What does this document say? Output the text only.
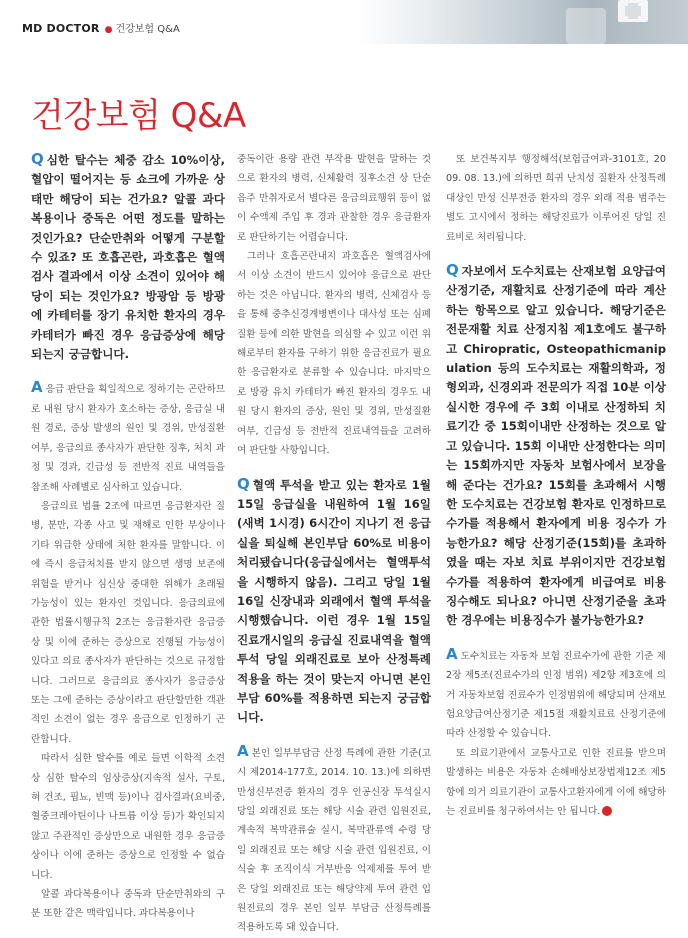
MD DOCTOR ● 건강보험 Q&A
건강보험 Q&A

Q 심한 탈수는 체중 감소 10%이상, 혈압이 떨어지는 등 쇼크에 가까운 상태만 해당이 되는 건가요? 알콜 과다복용이나 중독은 어떤 정도를 말하는 것인가요? 단순만취와 어떻게 구분할 수 있죠? 또 호흡곤란, 과호흡은 혈액 검사 결과에서 이상 소견이 있어야 해당이 되는 것인가요? 방광암 등 방광에 카테터를 장기 유치한 환자의 경우 카테터가 빠진 경우 응급증상에 해당되는지 궁금합니다.

A응급 판단을 획일적으로 정하기는 곤란하므로 내원 당시 환자가 호소하는 증상, 응급실 내원 경로, 증상 발생의 원인 및 경위, 만성질환 여부, 응급의료 종사자가 판단한 징후, 처치 과정 및 경과, 긴급성 등 전반적 진료 내역들을 참조해 사례별로 심사하고 있습니다.

응급의료 법률 2조에 따르면 응급환자란 질병, 분만, 각종 사고 및 재해로 인한 부상이나 기타 위급한 상태에 처한 환자를 말합니다. 이에 즉시 응급처치를 받지 않으면 생명 보존에 위험을 받거나 심신상 중대한 위해가 초래될 가능성이 있는 환자인 것입니다. 응급의료에 관한 법률시행규칙 2조는 응급환자란 응급증상 및 이에 준하는 증상으로 진행될 가능성이 있다고 의료 종사자가 판단하는 것으로 규정합니다. 그러므로 응급의료 종사자가 응급증상 또는 그에 준하는 증상이라고 판단할만한 객관적인 소견이 없는 경우 응급으로 인정하기 곤란합니다.

따라서 심한 탈수를 예로 들면 이학적 소견상 심한 탈수의 임상증상(지속적 설사, 구토, 혀 건조, 핍뇨, 빈맥 등)이나 검사결과(요비중, 혈중크레아틴이나 나트륨 이상 등)가 확인되지 않고 주관적인 증상만으로 내원한 경우 응급증상이나 이에 준하는 증상으로 인정할 수 없습니다.

알콜 과다복용이나 중독과 단순만취와의 구분 또한 같은 맥락입니다. 과다복용이나

중독이란 용량 관련 부작용 발현을 말하는 것으로 환자의 병력, 신체활력 징후소견 상 단순음주 만취자로서 별다른 응급의료행위 등이 없이 수액제 주입 후 경과 관찰한 경우 응급환자로 판단하기는 어렵습니다.

그러나 호흡곤란내지 과호흡은 혈액검사에서 이상 소견이 반드시 있어야 응급으로 판단하는 것은 아닙니다. 환자의 병력, 신체검사 등을 통해 중추신경계병변이나 대사성 또는 심폐질환 등에 의한 발현을 의심할 수 있고 이런 위해로부터 환자를 구하기 위한 응급진료가 필요한 응급환자로 분류할 수 있습니다. 마지막으로 방광 유치 카테터가 빠진 환자의 경우도 내원 당시 환자의 증상, 원인 및 경위, 만성질환 여부, 긴급성 등 전반적 진료내역들을 고려하여 판단할 사항입니다.

Q 혈액 투석을 받고 있는 환자로 1월 15일 응급실을 내원하여 1월 16일(새벽 1시경) 6시간이 지나기 전 응급실을 퇴실해 본인부담 60%로 비용이 처리됐습니다(응급실에서는 혈액투석을 시행하지 않음). 그리고 당일 1월 16일 신장내과 외래에서 혈액 투석을 시행했습니다. 이런 경우 1월 15일 진료개시일의 응급실 진료내역을 혈액투석 당일 외래진료로 보아 산정특례적용을 하는 것이 맞는지 아니면 본인부담 60%를 적용하면 되는지 궁금합니다.

A본인 일부부담금 산정 특례에 관한 기준(고시 제2014-177호, 2014. 10. 13.)에 의하면 만성신부전증 환자의 경우 인공신장 투석실시 당일 외래진료 또는 해당 시술 관련 입원진료, 계속적 복막관류술 실시, 복막관류액 수령 당일 외래진료 또는 해당 시술 관련 입원진료, 이식술 후 조직이식 거부반응 억제제를 투여 받은 당일 외래진료 또는 해당약제 투여 관련 입원진료의 경우 본인 일부 부담금 산정특례를 적용하도록 돼 있습니다.

또 보건복지부 행정해석(보험급여과-3101호, 2009. 08. 13.)에 의하면 희귀 난치성 질환자 산정특례 대상인 만성 신부전증 환자의 경우 외래 적용 범주는 별도 고시에서 정하는 해당진료가 이루어진 당일 진료비로 처리됩니다.

Q 자보에서 도수치료는 산재보험 요양급여 산정기준, 재활치료 산정기준에 따라 계산하는 항목으로 알고 있습니다. 해당기준은 전문재활 치료 산정지침 제1호에도 불구하고 Chiropratic, Osteopathicmanipulation 등의 도수치료는 재활의학과, 정형외과, 신경외과 전문의가 직접 10분 이상 실시한 경우에 주 3회 이내로 산정하되 치료기간 중 15회이내만 산정하는 것으로 알고 있습니다. 15회 이내만 산정한다는 의미는 15회까지만 자동차 보험사에서 보장을 해 준다는 건가요? 15회를 초과해서 시행한 도수치료는 건강보험 환자로 인정하므로 수가를 적용해서 환자에게 비용 징수가 가능한가요? 해당 산정기준(15회)를 초과하였을 때는 자보 치료 부위이지만 건강보험 수가를 적용하여 환자에게 비급여로 비용 징수해도 되나요? 아니면 산정기준을 초과한 경우에는 비용징수가 불가능한가요?

A도수치료는 자동차 보험 진료수가에 관한 기준 제2장 제5조(진료수가의 인정 범위) 제2항 제3호에 의거 자동차보험 진료수가 인정범위에 해당되며 산재보험요양급여산정기준 제15절 재활치료료 산정기준에 따라 산정할 수 있습니다.

또 의료기관에서 교통사고로 인한 진료를 받으며 발생하는 비용은 자동차 손해배상보장법제12조 제5항에 의거 의료기관이 교통사고환자에게 이에 해당하는 진료비를 청구하여서는 안 됩니다. EJ
